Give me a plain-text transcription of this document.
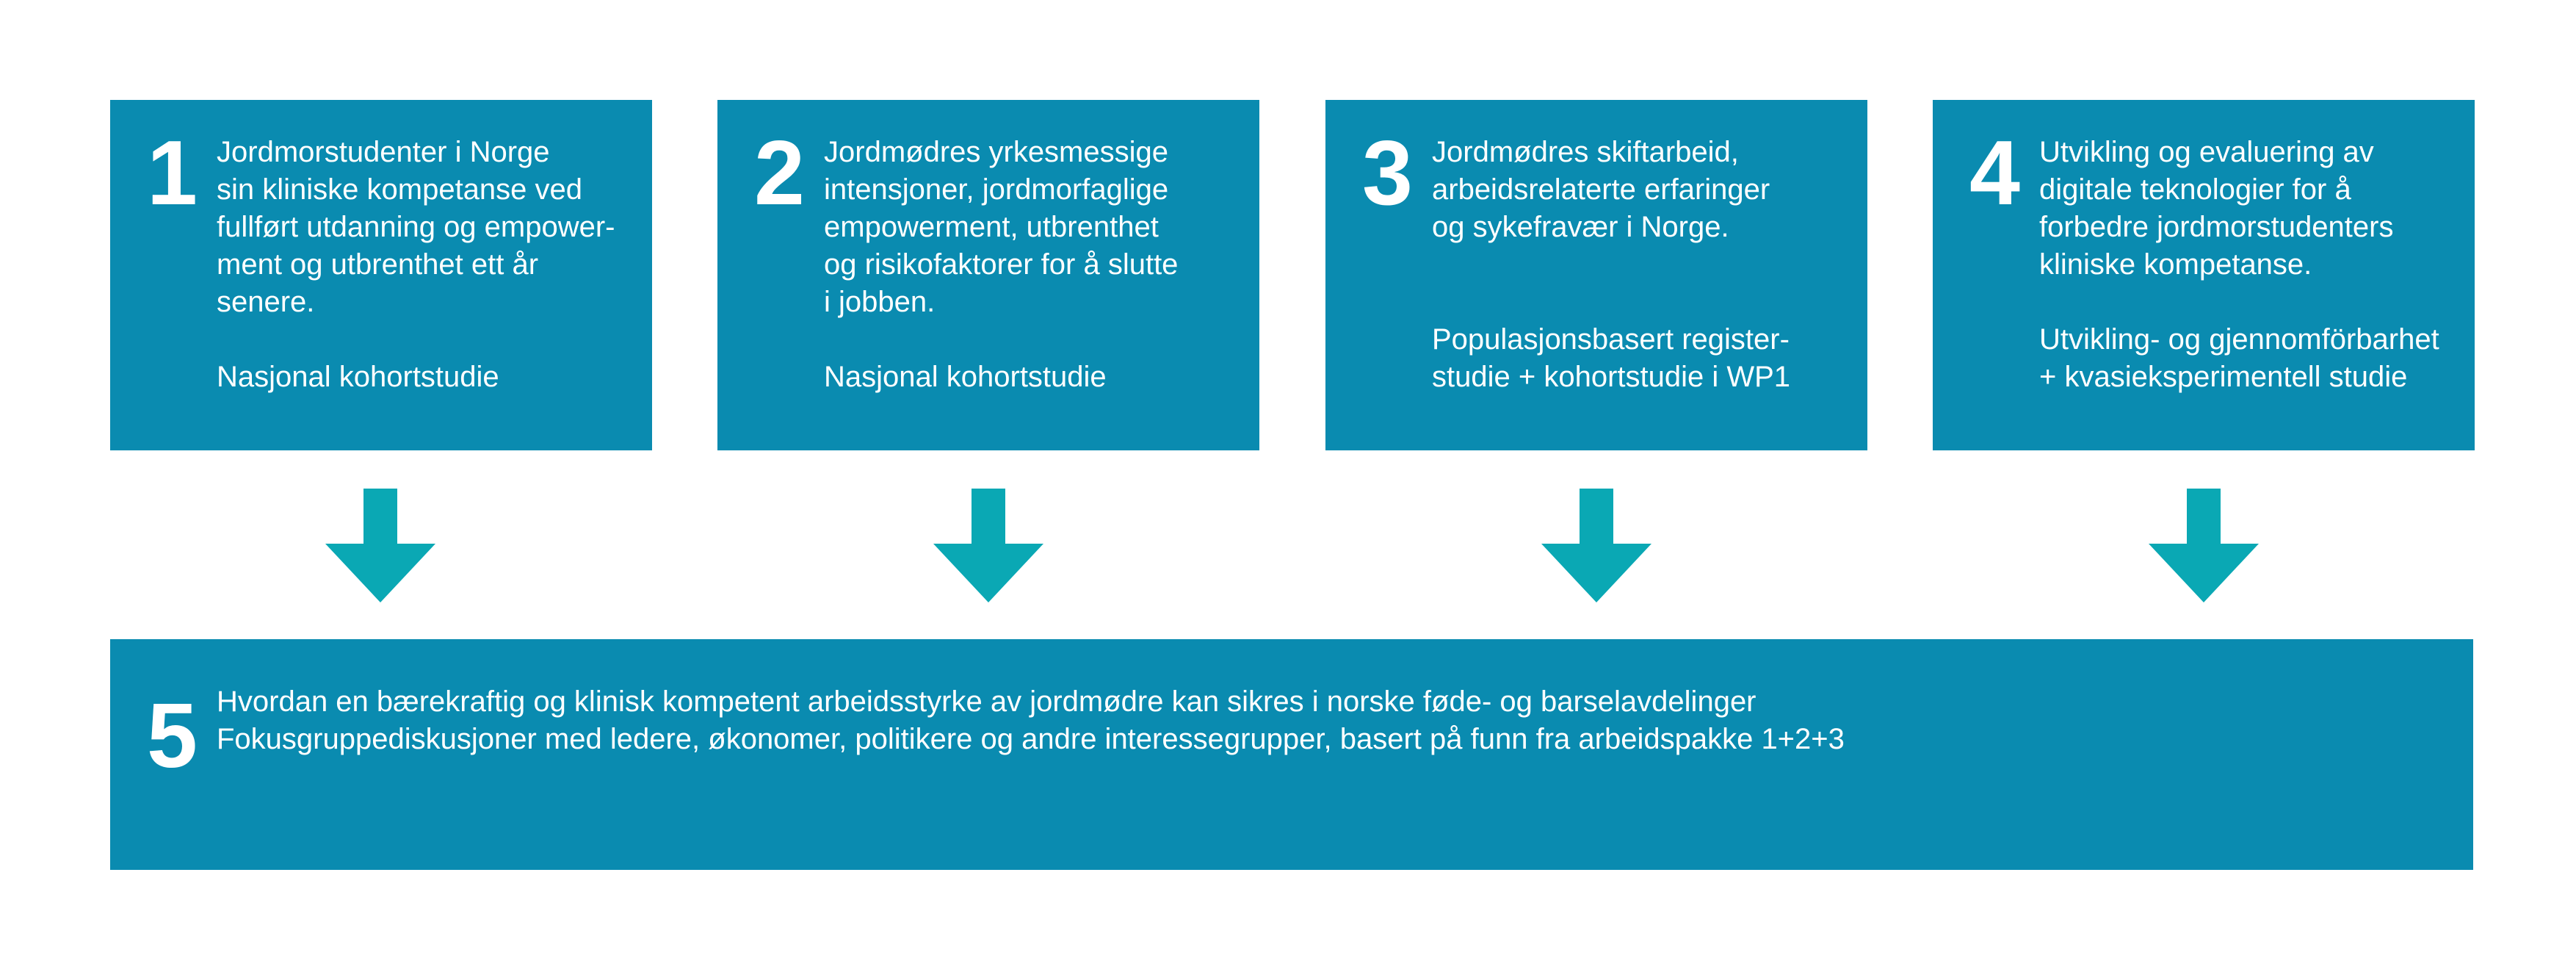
1 Jordmorstudenter i Norge
sin kliniske kompetanse ved
fullført utdanning og empower-
ment og utbrenthet ett år
senere.
Nasjonal kohortstudie
2 Jordmødres yrkesmessige
intensjoner, jordmorfaglige
empowerment, utbrenthet
og risikofaktorer for å slutte
i jobben.
Nasjonal kohortstudie
3 Jordmødres skiftarbeid,
arbeidsrelaterte erfaringer
og sykefravær i Norge.
Populasjonsbasert register-
studie + kohortstudie i WP1
4 Utvikling og evaluering av
digitale teknologier for å
forbedre jordmorstudenters
kliniske kompetanse.
Utvikling- og gjennomförbarhet
+ kvasieksperimentell studie
5 Hvordan en bærekraftig og klinisk kompetent arbeidsstyrke av jordmødre kan sikres i norske føde- og barselavdelinger
Fokusgruppediskusjoner med ledere, økonomer, politikere og andre interessegrupper, basert på funn fra arbeidspakke 1+2+3
